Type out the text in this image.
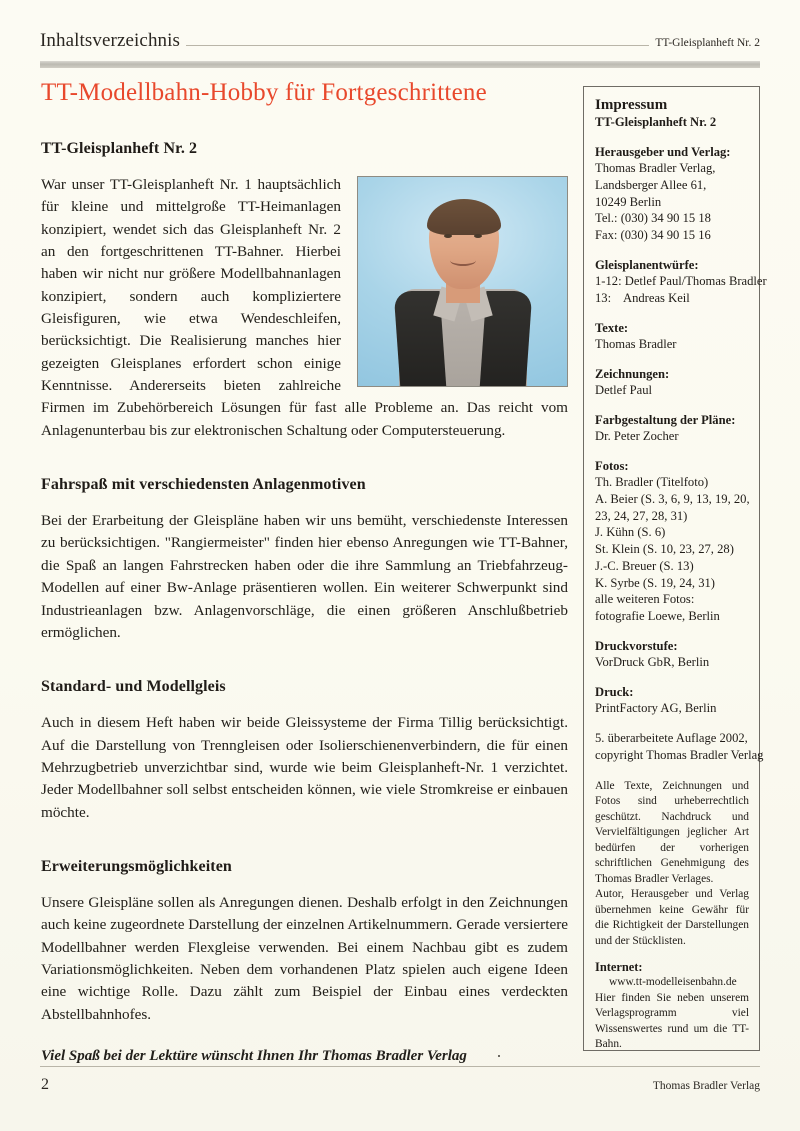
Inhaltsverzeichnis	TT-Gleisplanheft Nr. 2
TT-Modellbahn-Hobby für Fortgeschrittene
TT-Gleisplanheft Nr. 2

War unser TT-Gleisplanheft Nr. 1 hauptsächlich für kleine und mittelgroße TT-Heimanlagen konzipiert, wendet sich das Gleisplanheft Nr. 2 an den fortgeschrittenen TT-Bahner. Hierbei haben wir nicht nur größere Modellbahnanlagen konzipiert, sondern auch kompliziertere Gleisfiguren, wie etwa Wendeschleifen, berücksichtigt. Die Realisierung manches hier gezeigten Gleisplanes erfordert schon einige Kenntnisse. Andererseits bieten zahlreiche Firmen im Zubehörbereich Lösungen für fast alle Probleme an. Das reicht vom Anlagenunterbau bis zur elektronischen Schaltung oder Computersteuerung.

Fahrspaß mit verschiedensten Anlagenmotiven

Bei der Erarbeitung der Gleispläne haben wir uns bemüht, verschiedenste Interessen zu berücksichtigen. "Rangiermeister" finden hier ebenso Anregungen wie TT-Bahner, die Spaß an langen Fahrstrecken haben oder die ihre Sammlung an Triebfahrzeug-Modellen auf einer Bw-Anlage präsentieren wollen. Ein weiterer Schwerpunkt sind Industrieanlagen bzw. Anlagenvorschläge, die einen größeren Anschlußbetrieb ermöglichen.

Standard- und Modellgleis

Auch in diesem Heft haben wir beide Gleissysteme der Firma Tillig berücksichtigt. Auf die Darstellung von Trenngleisen oder Isolierschienenverbindern, die für einen Mehrzugbetrieb unverzichtbar sind, wurde wie beim Gleisplanheft-Nr. 1 verzichtet. Jeder Modellbahner soll selbst entscheiden können, wie viele Stromkreise er einbauen möchte.

Erweiterungsmöglichkeiten

Unsere Gleispläne sollen als Anregungen dienen. Deshalb erfolgt in den Zeichnungen auch keine zugeordnete Darstellung der einzelnen Artikelnummern. Gerade versiertere Modellbahner werden Flexgleise verwenden. Bei einem Nachbau gibt es zudem Variationsmöglichkeiten. Neben dem vorhandenen Platz spielen auch eigene Ideen eine wichtige Rolle. Dazu zählt zum Beispiel der Einbau eines verdeckten Abstellbahnhofes.

Viel Spaß bei der Lektüre wünscht Ihnen Ihr Thomas Bradler Verlag
Impressum
TT-Gleisplanheft Nr. 2
Herausgeber und Verlag:
Thomas Bradler Verlag,
Landsberger Allee 61,
10249 Berlin
Tel.: (030) 34 90 15 18
Fax: (030) 34 90 15 16
Gleisplanentwürfe:
1-12: Detlef Paul/Thomas Bradler
13:    Andreas Keil
Texte:
Thomas Bradler
Zeichnungen:
Detlef Paul
Farbgestaltung der Pläne:
Dr. Peter Zocher
Fotos:
Th. Bradler (Titelfoto)
A. Beier (S. 3, 6, 9, 13, 19, 20,
23, 24, 27, 28, 31)
J. Kühn (S. 6)
St. Klein (S. 10, 23, 27, 28)
J.-C. Breuer (S. 13)
K. Syrbe (S. 19, 24, 31)
alle weiteren Fotos:
fotografie Loewe, Berlin
Druckvorstufe:
VorDruck GbR, Berlin
Druck:
PrintFactory AG, Berlin
5. überarbeitete Auflage 2002,
copyright Thomas Bradler Verlag

Alle Texte, Zeichnungen und Fotos sind urheberrechtlich geschützt. Nachdruck und Vervielfältigungen jeglicher Art bedürfen der vorherigen schriftlichen Genehmigung des Thomas Bradler Verlages.

Autor, Herausgeber und Verlag übernehmen keine Gewähr für die Richtigkeit der Darstellungen und der Stücklisten.

Internet:

www.tt-modelleisenbahn.de

Hier finden Sie neben unserem Verlagsprogramm viel Wissenswertes rund um die TT-Bahn.

2	Thomas Bradler Verlag
